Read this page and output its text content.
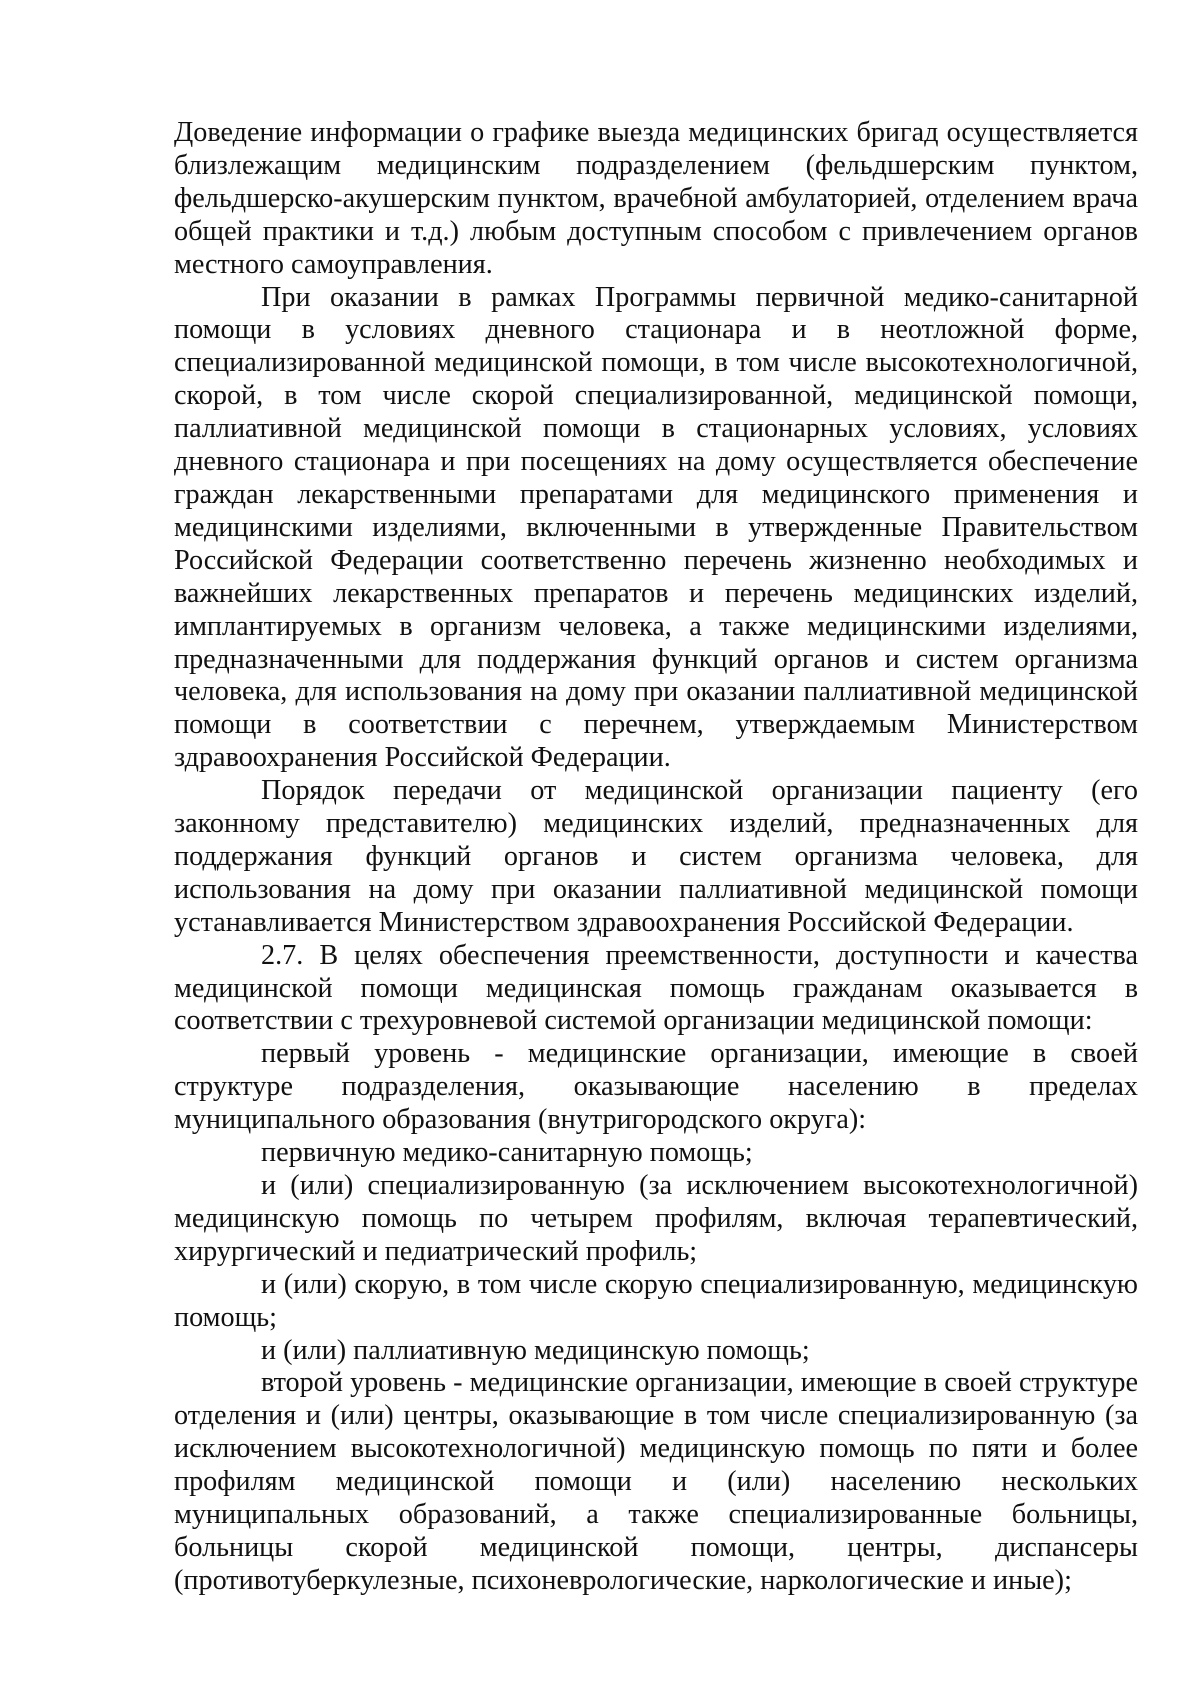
Доведение информации о графике выезда медицинских бригад осуществляется близлежащим медицинским подразделением (фельдшерским пунктом, фельдшерско-акушерским пунктом, врачебной амбулаторией, отделением врача общей практики и т.д.) любым доступным способом с привлечением органов местного самоуправления.

При оказании в рамках Программы первичной медико-санитарной помощи в условиях дневного стационара и в неотложной форме, специализированной медицинской помощи, в том числе высокотехнологичной, скорой, в том числе скорой специализированной, медицинской помощи, паллиативной медицинской помощи в стационарных условиях, условиях дневного стационара и при посещениях на дому осуществляется обеспечение граждан лекарственными препаратами для медицинского применения и медицинскими изделиями, включенными в утвержденные Правительством Российской Федерации соответственно перечень жизненно необходимых и важнейших лекарственных препаратов и перечень медицинских изделий, имплантируемых в организм человека, а также медицинскими изделиями, предназначенными для поддержания функций органов и систем организма человека, для использования на дому при оказании паллиативной медицинской помощи в соответствии с перечнем, утверждаемым Министерством здравоохранения Российской Федерации.

Порядок передачи от медицинской организации пациенту (его законному представителю) медицинских изделий, предназначенных для поддержания функций органов и систем организма человека, для использования на дому при оказании паллиативной медицинской помощи устанавливается Министерством здравоохранения Российской Федерации.

2.7. В целях обеспечения преемственности, доступности и качества медицинской помощи медицинская помощь гражданам оказывается в соответствии с трехуровневой системой организации медицинской помощи:

первый уровень - медицинские организации, имеющие в своей структуре подразделения, оказывающие населению в пределах муниципального образования (внутригородского округа):

первичную медико-санитарную помощь;

и (или) специализированную (за исключением высокотехнологичной) медицинскую помощь по четырем профилям, включая терапевтический, хирургический и педиатрический профиль;

и (или) скорую, в том числе скорую специализированную, медицинскую помощь;

и (или) паллиативную медицинскую помощь;

второй уровень - медицинские организации, имеющие в своей структуре отделения и (или) центры, оказывающие в том числе специализированную (за исключением высокотехнологичной) медицинскую помощь по пяти и более профилям медицинской помощи и (или) населению нескольких муниципальных образований, а также специализированные больницы, больницы скорой медицинской помощи, центры, диспансеры (противотуберкулезные, психоневрологические, наркологические и иные);
